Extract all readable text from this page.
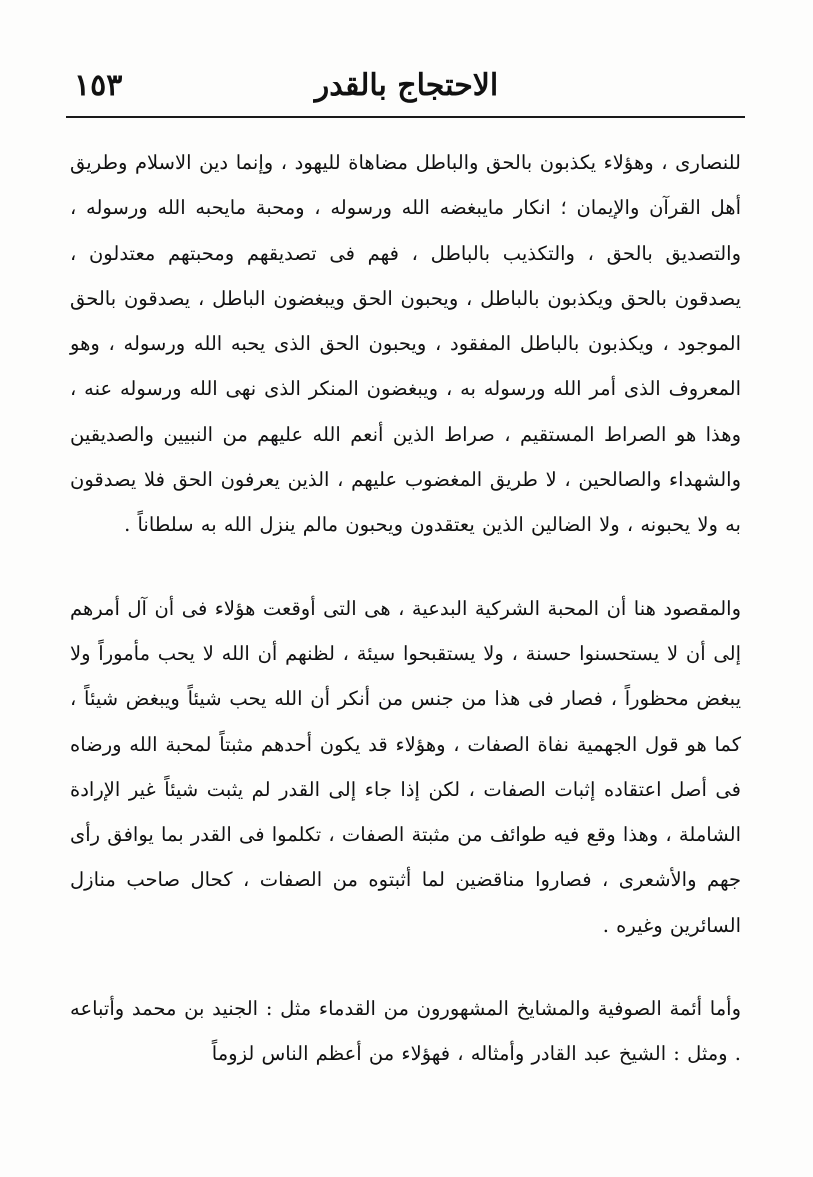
١٥٣	الاحتجاج بالقدر

للنصارى ، وهؤلاء يكذبون بالحق والباطل مضاهاة لليهود ، وإنما دين الاسلام وطريق أهل القرآن والإيمان ؛ انكار مايبغضه الله ورسوله ، ومحبة مايحبه الله ورسوله ، والتصديق بالحق ، والتكذيب بالباطل ، فهم فى تصديقهم ومحبتهم معتدلون ، يصدقون بالحق ويكذبون بالباطل ، ويحبون الحق ويبغضون الباطل ، يصدقون بالحق الموجود ، ويكذبون بالباطل المفقود ، ويحبون الحق الذى يحبه الله ورسوله ، وهو المعروف الذى أمر الله ورسوله به ، ويبغضون المنكر الذى نهى الله ورسوله عنه ، وهذا هو الصراط المستقيم ، صراط الذين أنعم الله عليهم من النبيين والصديقين والشهداء والصالحين ، لا طريق المغضوب عليهم ، الذين يعرفون الحق فلا يصدقون به ولا يحبونه ، ولا الضالين الذين يعتقدون ويحبون مالم ينزل الله به سلطاناً .

والمقصود هنا أن المحبة الشركية البدعية ، هى التى أوقعت هؤلاء فى أن آل أمرهم إلى أن لا يستحسنوا حسنة ، ولا يستقبحوا سيئة ، لظنهم أن الله لا يحب مأموراً ولا يبغض محظوراً ، فصار فى هذا من جنس من أنكر أن الله يحب شيئاً ويبغض شيئاً ، كما هو قول الجهمية نفاة الصفات ، وهؤلاء قد يكون أحدهم مثبتاً لمحبة الله ورضاه فى أصل اعتقاده إثبات الصفات ، لكن إذا جاء إلى القدر لم يثبت شيئاً غير الإرادة الشاملة ، وهذا وقع فيه طوائف من مثبتة الصفات ، تكلموا فى القدر بما يوافق رأى جهم والأشعرى ، فصاروا مناقضين لما أثبتوه من الصفات ، كحال صاحب منازل السائرين وغيره .

وأما أئمة الصوفية والمشايخ المشهورون من القدماء مثل : الجنيد بن محمد وأتباعه . ومثل : الشيخ عبد القادر وأمثاله ، فهؤلاء من أعظم الناس لزوماً
